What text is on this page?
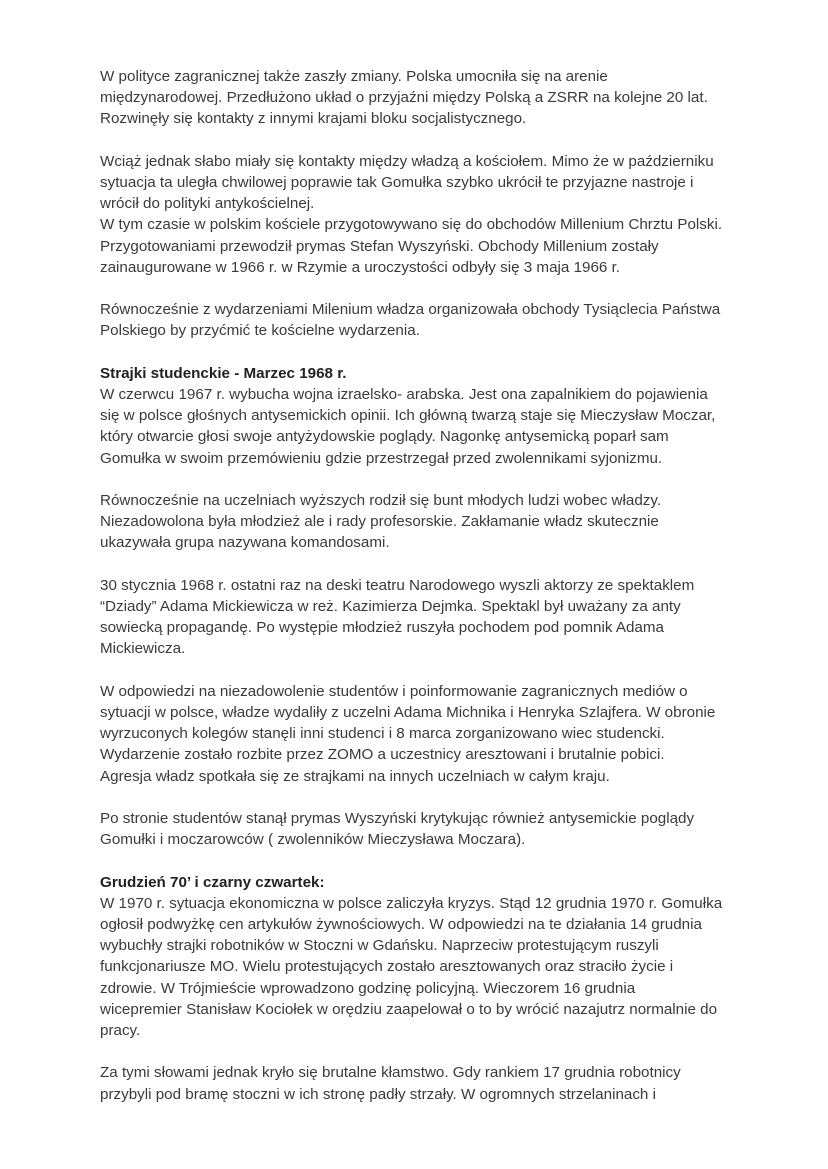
W polityce zagranicznej także zaszły zmiany. Polska umocniła się na arenie
międzynarodowej. Przedłużono układ o przyjaźni między Polską a ZSRR na kolejne 20 lat.
Rozwinęły się kontakty z innymi krajami bloku socjalistycznego.
Wciąż jednak słabo miały się kontakty między władzą a kościołem. Mimo że w październiku
sytuacja ta uległa chwilowej poprawie tak Gomułka szybko ukrócił te przyjazne nastroje i
wrócił do polityki antykościelnej.
W tym czasie w polskim kościele przygotowywano się do obchodów Millenium Chrztu Polski.
Przygotowaniami przewodził prymas Stefan Wyszyński. Obchody Millenium zostały
zainaugurowane w 1966 r. w Rzymie a uroczystości odbyły się 3 maja 1966 r.
Równocześnie z wydarzeniami Milenium władza organizowała obchody Tysiąclecia Państwa
Polskiego by przyćmić te kościelne wydarzenia.
Strajki studenckie - Marzec 1968 r.
W czerwcu 1967 r. wybucha wojna izraelsko- arabska. Jest ona zapalnikiem do pojawienia
się w polsce głośnych antysemickich opinii. Ich główną twarzą staje się Mieczysław Moczar,
który otwarcie głosi swoje antyżydowskie poglądy. Nagonkę antysemicką poparł sam
Gomułka w swoim przemówieniu gdzie przestrzegał przed zwolennikami syjonizmu.
Równocześnie na uczelniach wyższych rodził się bunt młodych ludzi wobec władzy.
Niezadowolona była młodzież ale i rady profesorskie. Zakłamanie władz skutecznie
ukazywała grupa nazywana komandosami.
30 stycznia 1968 r. ostatni raz na deski teatru Narodowego wyszli aktorzy ze spektaklem
“Dziady” Adama Mickiewicza w reż. Kazimierza Dejmka. Spektakl był uważany za anty
sowiecką propagandę. Po występie młodzież ruszyła pochodem pod pomnik Adama
Mickiewicza.
W odpowiedzi na niezadowolenie studentów i poinformowanie zagranicznych mediów o
sytuacji w polsce, władze wydaliły z uczelni Adama Michnika i Henryka Szlajfera. W obronie
wyrzuconych kolegów stanęli inni studenci i 8 marca zorganizowano wiec studencki.
Wydarzenie zostało rozbite przez ZOMO a uczestnicy aresztowani i brutalnie pobici.
Agresja władz spotkała się ze strajkami na innych uczelniach w całym kraju.
Po stronie studentów stanął prymas Wyszyński krytykując również antysemickie poglądy
Gomułki i moczarowców ( zwolenników Mieczysława Moczara).
Grudzień 70’ i czarny czwartek:
W 1970 r. sytuacja ekonomiczna w polsce zaliczyła kryzys. Stąd 12 grudnia 1970 r. Gomułka
ogłosił podwyżkę cen artykułów żywnościowych. W odpowiedzi na te działania 14 grudnia
wybuchły strajki robotników w Stoczni w Gdańsku. Naprzeciw protestującym ruszyli
funkcjonariusze MO. Wielu protestujących zostało aresztowanych oraz straciło życie i
zdrowie. W Trójmieście wprowadzono godzinę policyjną. Wieczorem 16 grudnia
wicepremier Stanisław Kociołek w orędziu zaapelował o to by wrócić nazajutrz normalnie do
pracy.
Za tymi słowami jednak kryło się brutalne kłamstwo. Gdy rankiem 17 grudnia robotnicy
przybyli pod bramę stoczni w ich stronę padły strzały. W ogromnych strzelaninach i
